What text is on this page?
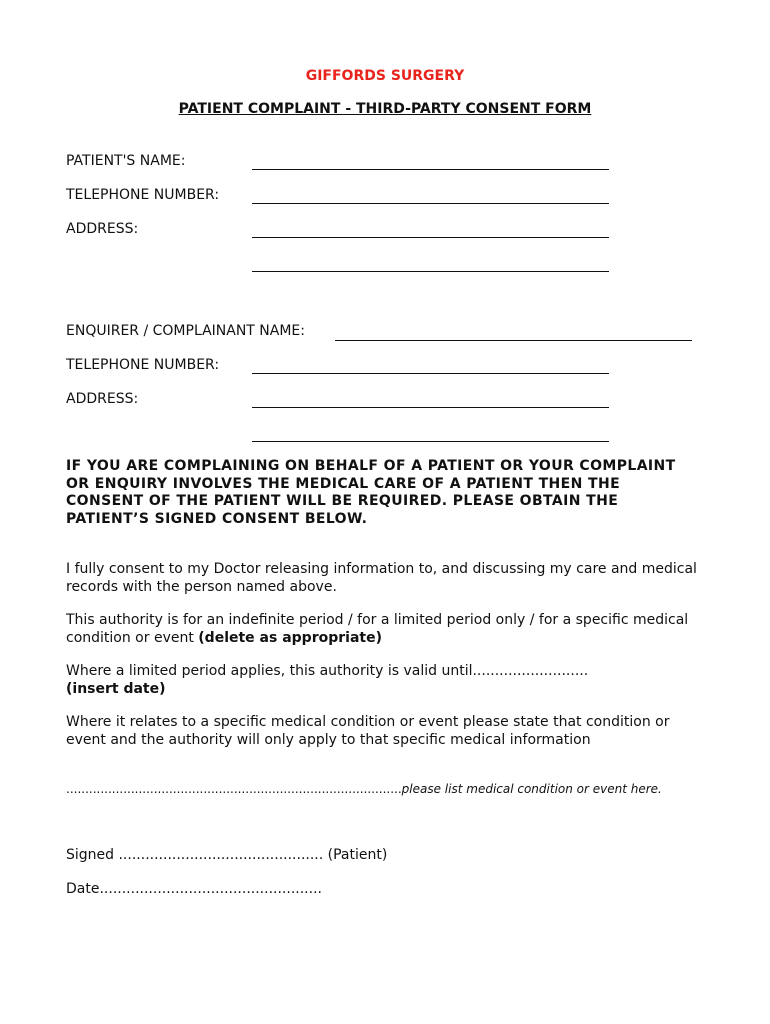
GIFFORDS SURGERY
PATIENT COMPLAINT - THIRD-PARTY CONSENT FORM
PATIENT'S NAME:
TELEPHONE NUMBER:
ADDRESS:
ENQUIRER / COMPLAINANT NAME:
TELEPHONE NUMBER:
ADDRESS:
IF YOU ARE COMPLAINING ON BEHALF OF A PATIENT OR YOUR COMPLAINT OR ENQUIRY INVOLVES THE MEDICAL CARE OF A PATIENT THEN THE CONSENT OF THE PATIENT WILL BE REQUIRED. PLEASE OBTAIN THE PATIENT’S SIGNED CONSENT BELOW.
I fully consent to my Doctor releasing information to, and discussing my care and medical records with the person named above.
This authority is for an indefinite period / for a limited period only / for a specific medical condition or event (delete as appropriate)
Where a limited period applies, this authority is valid until..........................
(insert date)
Where it relates to a specific medical condition or event please state that condition or event and the authority will only apply to that specific medical information
........................................................................................please list medical condition or event here.
Signed .............................................. (Patient)
Date..................................................
